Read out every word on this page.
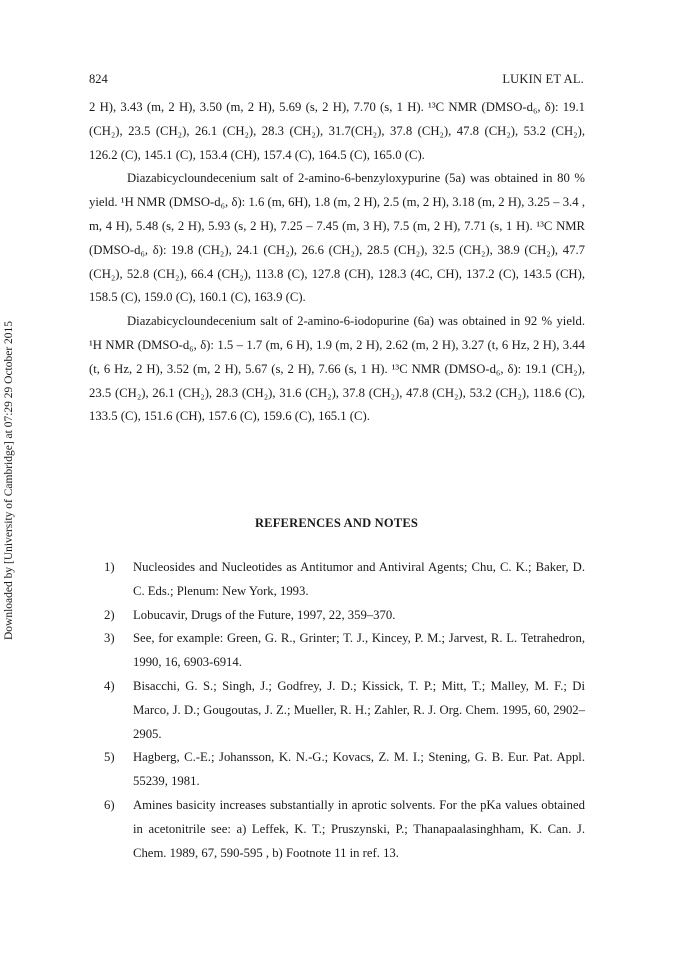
824	LUKIN ET AL.
Downloaded by [University of Cambridge] at 07:29 29 October 2015

2 H), 3.43 (m, 2 H), 3.50 (m, 2 H), 5.69 (s, 2 H), 7.70 (s, 1 H). ¹³C NMR (DMSO-d₆, δ): 19.1 (CH₂), 23.5 (CH₂), 26.1 (CH₂), 28.3 (CH₂), 31.7(CH₂), 37.8 (CH₂), 47.8 (CH₂), 53.2 (CH₂), 126.2 (C), 145.1 (C), 153.4 (CH), 157.4 (C), 164.5 (C), 165.0 (C).

Diazabicycloundecenium salt of 2-amino-6-benzyloxypurine (5a) was obtained in 80 % yield. ¹H NMR (DMSO-d₆, δ): 1.6 (m, 6H), 1.8 (m, 2 H), 2.5 (m, 2 H), 3.18 (m, 2 H), 3.25 – 3.4 , m, 4 H), 5.48 (s, 2 H), 5.93 (s, 2 H), 7.25 – 7.45 (m, 3 H), 7.5 (m, 2 H), 7.71 (s, 1 H). ¹³C NMR (DMSO-d₆, δ): 19.8 (CH₂), 24.1 (CH₂), 26.6 (CH₂), 28.5 (CH₂), 32.5 (CH₂), 38.9 (CH₂), 47.7 (CH₂), 52.8 (CH₂), 66.4 (CH₂), 113.8 (C), 127.8 (CH), 128.3 (4C, CH), 137.2 (C), 143.5 (CH), 158.5 (C), 159.0 (C), 160.1 (C), 163.9 (C).

Diazabicycloundecenium salt of 2-amino-6-iodopurine (6a) was obtained in 92 % yield. ¹H NMR (DMSO-d₆, δ): 1.5 – 1.7 (m, 6 H), 1.9 (m, 2 H), 2.62 (m, 2 H), 3.27 (t, 6 Hz, 2 H), 3.44 (t, 6 Hz, 2 H), 3.52 (m, 2 H), 5.67 (s, 2 H), 7.66 (s, 1 H). ¹³C NMR (DMSO-d₆, δ): 19.1 (CH₂), 23.5 (CH₂), 26.1 (CH₂), 28.3 (CH₂), 31.6 (CH₂), 37.8 (CH₂), 47.8 (CH₂), 53.2 (CH₂), 118.6 (C), 133.5 (C), 151.6 (CH), 157.6 (C), 159.6 (C), 165.1 (C).

REFERENCES AND NOTES
1)	Nucleosides and Nucleotides as Antitumor and Antiviral Agents; Chu, C. K.; Baker, D. C. Eds.; Plenum: New York, 1993.
2)	Lobucavir, Drugs of the Future, 1997, 22, 359–370.
3)	See, for example: Green, G. R., Grinter; T. J., Kincey, P. M.; Jarvest, R. L. Tetrahedron, 1990, 16, 6903-6914.
4)	Bisacchi, G. S.; Singh, J.; Godfrey, J. D.; Kissick, T. P.; Mitt, T.; Malley, M. F.; Di Marco, J. D.; Gougoutas, J. Z.; Mueller, R. H.; Zahler, R. J. Org. Chem. 1995, 60, 2902–2905.
5)	Hagberg, C.-E.; Johansson, K. N.-G.; Kovacs, Z. M. I.; Stening, G. B. Eur. Pat. Appl. 55239, 1981.
6)	Amines basicity increases substantially in aprotic solvents. For the pKa values obtained in acetonitrile see: a) Leffek, K. T.; Pruszynski, P.; Thanapaalasinghham, K. Can. J. Chem. 1989, 67, 590-595 , b) Footnote 11 in ref. 13.
